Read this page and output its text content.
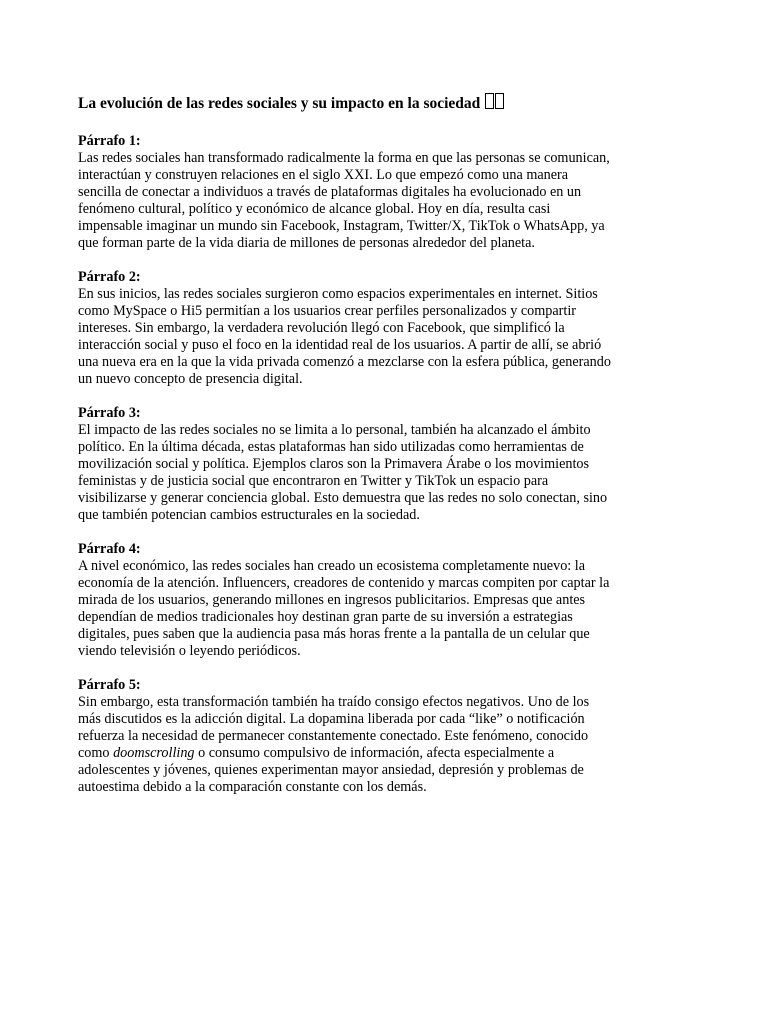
La evolución de las redes sociales y su impacto en la sociedad
Párrafo 1:
Las redes sociales han transformado radicalmente la forma en que las personas se comunican,
interactúan y construyen relaciones en el siglo XXI. Lo que empezó como una manera
sencilla de conectar a individuos a través de plataformas digitales ha evolucionado en un
fenómeno cultural, político y económico de alcance global. Hoy en día, resulta casi
impensable imaginar un mundo sin Facebook, Instagram, Twitter/X, TikTok o WhatsApp, ya
que forman parte de la vida diaria de millones de personas alrededor del planeta.
Párrafo 2:
En sus inicios, las redes sociales surgieron como espacios experimentales en internet. Sitios
como MySpace o Hi5 permitían a los usuarios crear perfiles personalizados y compartir
intereses. Sin embargo, la verdadera revolución llegó con Facebook, que simplificó la
interacción social y puso el foco en la identidad real de los usuarios. A partir de allí, se abrió
una nueva era en la que la vida privada comenzó a mezclarse con la esfera pública, generando
un nuevo concepto de presencia digital.
Párrafo 3:
El impacto de las redes sociales no se limita a lo personal, también ha alcanzado el ámbito
político. En la última década, estas plataformas han sido utilizadas como herramientas de
movilización social y política. Ejemplos claros son la Primavera Árabe o los movimientos
feministas y de justicia social que encontraron en Twitter y TikTok un espacio para
visibilizarse y generar conciencia global. Esto demuestra que las redes no solo conectan, sino
que también potencian cambios estructurales en la sociedad.
Párrafo 4:
A nivel económico, las redes sociales han creado un ecosistema completamente nuevo: la
economía de la atención. Influencers, creadores de contenido y marcas compiten por captar la
mirada de los usuarios, generando millones en ingresos publicitarios. Empresas que antes
dependían de medios tradicionales hoy destinan gran parte de su inversión a estrategias
digitales, pues saben que la audiencia pasa más horas frente a la pantalla de un celular que
viendo televisión o leyendo periódicos.
Párrafo 5:
Sin embargo, esta transformación también ha traído consigo efectos negativos. Uno de los
más discutidos es la adicción digital. La dopamina liberada por cada “like” o notificación
refuerza la necesidad de permanecer constantemente conectado. Este fenómeno, conocido
como doomscrolling o consumo compulsivo de información, afecta especialmente a
adolescentes y jóvenes, quienes experimentan mayor ansiedad, depresión y problemas de
autoestima debido a la comparación constante con los demás.
